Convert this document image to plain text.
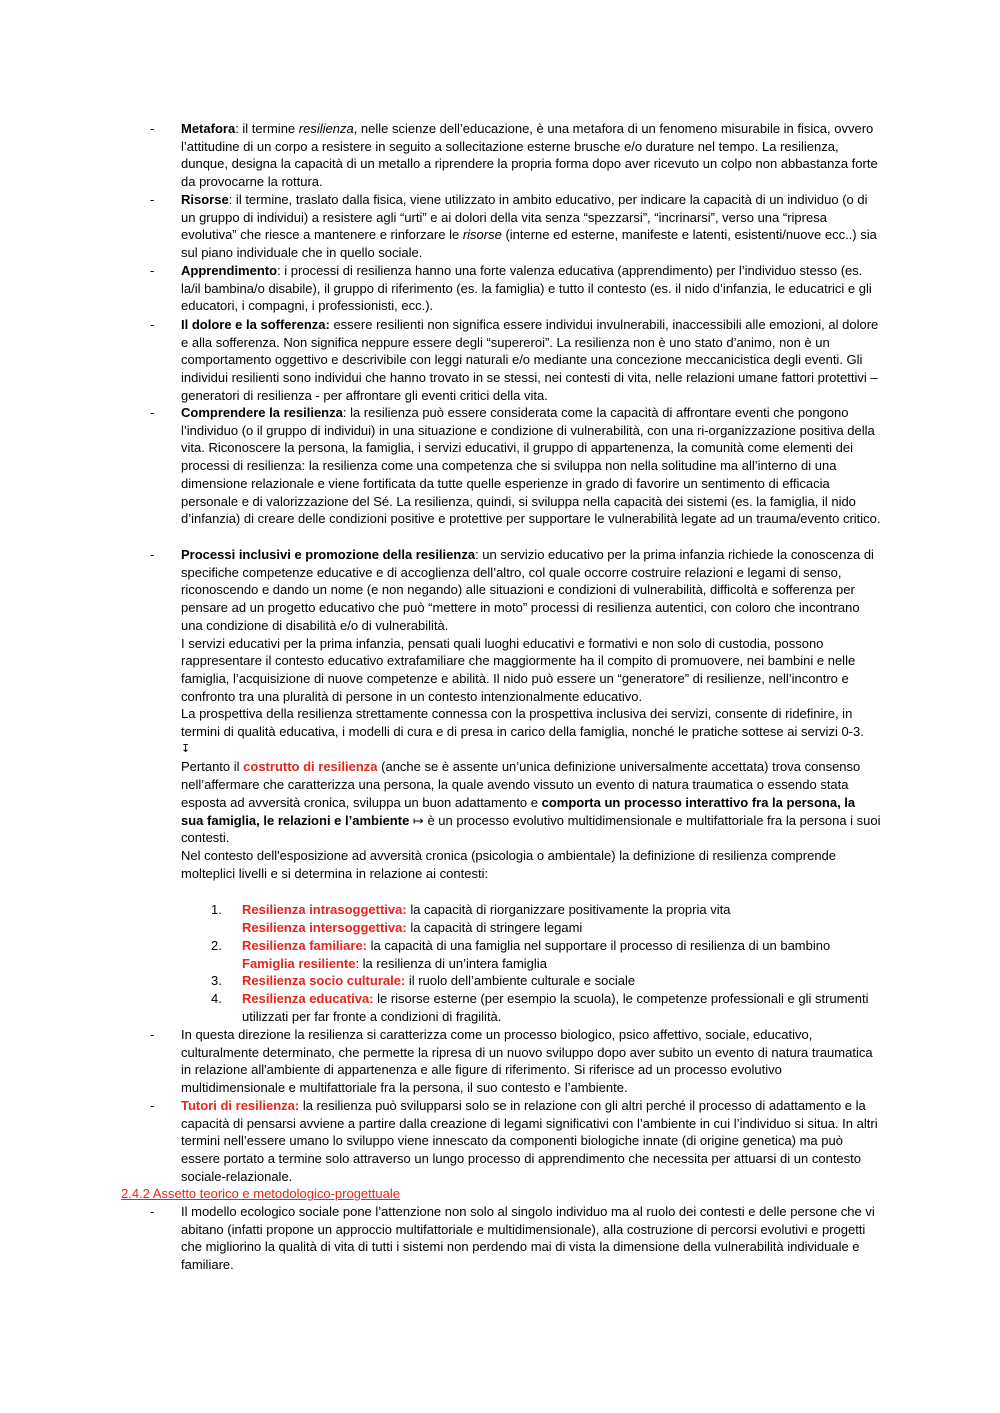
- Metafora: il termine resilienza, nelle scienze dell’educazione, è una metafora di un fenomeno misurabile in fisica, ovvero l’attitudine di un corpo a resistere in seguito a sollecitazione esterne brusche e/o durature nel tempo. La resilienza, dunque, designa la capacità di un metallo a riprendere la propria forma dopo aver ricevuto un colpo non abbastanza forte da provocarne la rottura.

- Risorse: il termine, traslato dalla fisica, viene utilizzato in ambito educativo, per indicare la capacità di un individuo (o di un gruppo di individui) a resistere agli “urti” e ai dolori della vita senza “spezzarsi”, “incrinarsi”, verso una “ripresa evolutiva” che riesce a mantenere e rinforzare le risorse (interne ed esterne, manifeste e latenti, esistenti/nuove ecc..) sia sul piano individuale che in quello sociale.

- Apprendimento: i processi di resilienza hanno una forte valenza educativa (apprendimento) per l’individuo stesso (es. la/il bambina/o disabile), il gruppo di riferimento (es. la famiglia) e tutto il contesto (es. il nido d’infanzia, le educatrici e gli educatori, i compagni, i professionisti, ecc.).

- Il dolore e la sofferenza: essere resilienti non significa essere individui invulnerabili, inaccessibili alle emozioni, al dolore e alla sofferenza. Non significa neppure essere degli “supereroi”. La resilienza non è uno stato d’animo, non è un comportamento oggettivo e descrivibile con leggi naturali e/o mediante una concezione meccanicistica degli eventi. Gli individui resilienti sono individui che hanno trovato in se stessi, nei contesti di vita, nelle relazioni umane fattori protettivi – generatori di resilienza - per affrontare gli eventi critici della vita.

- Comprendere la resilienza: la resilienza può essere considerata come la capacità di affrontare eventi che pongono l’individuo (o il gruppo di individui) in una situazione e condizione di vulnerabilità, con una ri-organizzazione positiva della vita. Riconoscere la persona, la famiglia, i servizi educativi, il gruppo di appartenenza, la comunità come elementi dei processi di resilienza: la resilienza come una competenza che si sviluppa non nella solitudine ma all’interno di una dimensione relazionale e viene fortificata da tutte quelle esperienze in grado di favorire un sentimento di efficacia personale e di valorizzazione del Sé. La resilienza, quindi, si sviluppa nella capacità dei sistemi (es. la famiglia, il nido d’infanzia) di creare delle condizioni positive e protettive per supportare le vulnerabilità legate ad un trauma/evento critico.

- Processi inclusivi e promozione della resilienza: un servizio educativo per la prima infanzia richiede la conoscenza di specifiche competenze educative e di accoglienza dell’altro, col quale occorre costruire relazioni e legami di senso, riconoscendo e dando un nome (e non negando) alle situazioni e condizioni di vulnerabilità, difficoltà e sofferenza per pensare ad un progetto educativo che può “mettere in moto” processi di resilienza autentici, con coloro che incontrano una condizione di disabilità e/o di vulnerabilità.

I servizi educativi per la prima infanzia, pensati quali luoghi educativi e formativi e non solo di custodia, possono rappresentare il contesto educativo extrafamiliare che maggiormente ha il compito di promuovere, nei bambini e nelle famiglia, l’acquisizione di nuove competenze e abilità. Il nido può essere un “generatore” di resilienze, nell’incontro e confronto tra una pluralità di persone in un contesto intenzionalmente educativo.

La prospettiva della resilienza strettamente connessa con la prospettiva inclusiva dei servizi, consente di ridefinire, in termini di qualità educativa, i modelli di cura e di presa in carico della famiglia, nonché le pratiche sottese ai servizi 0-3.

↧

Pertanto il costrutto di resilienza (anche se è assente un’unica definizione universalmente accettata) trova consenso nell’affermare che caratterizza una persona, la quale avendo vissuto un evento di natura traumatica o essendo stata esposta ad avversità cronica, sviluppa un buon adattamento e comporta un processo interattivo fra la persona, la sua famiglia, le relazioni e l’ambiente ↦ è un processo evolutivo multidimensionale e multifattoriale fra la persona i suoi contesti.

Nel contesto dell'esposizione ad avversità cronica (psicologia o ambientale) la definizione di resilienza comprende molteplici livelli e si determina in relazione ai contesti:

1. Resilienza intrasoggettiva: la capacità di riorganizzare positivamente la propria vita

Resilienza intersoggettiva: la capacità di stringere legami

2. Resilienza familiare: la capacità di una famiglia nel supportare il processo di resilienza di un bambino

Famiglia resiliente: la resilienza di un’intera famiglia

3. Resilienza socio culturale: il ruolo dell’ambiente culturale e sociale

4. Resilienza educativa: le risorse esterne (per esempio la scuola), le competenze professionali e gli strumenti utilizzati per far fronte a condizioni di fragilità.

- In questa direzione la resilienza si caratterizza come un processo biologico, psico affettivo, sociale, educativo, culturalmente determinato, che permette la ripresa di un nuovo sviluppo dopo aver subito un evento di natura traumatica in relazione all'ambiente di appartenenza e alle figure di riferimento. Si riferisce ad un processo evolutivo multidimensionale e multifattoriale fra la persona, il suo contesto e l’ambiente.
- Tutori di resilienza: la resilienza può svilupparsi solo se in relazione con gli altri perché il processo di adattamento e la capacità di pensarsi avviene a partire dalla creazione di legami significativi con l’ambiente in cui l’individuo si situa. In altri termini nell’essere umano lo sviluppo viene innescato da componenti biologiche innate (di origine genetica) ma può essere portato a termine solo attraverso un lungo processo di apprendimento che necessita per attuarsi di un contesto sociale-relazionale.

2.4.2 Assetto teorico e metodologico-progettuale
- Il modello ecologico sociale pone l’attenzione non solo al singolo individuo ma al ruolo dei contesti e delle persone che vi abitano (infatti propone un approccio multifattoriale e multidimensionale), alla costruzione di percorsi evolutivi e progetti che migliorino la qualità di vita di tutti i sistemi non perdendo mai di vista la dimensione della vulnerabilità individuale e familiare.
